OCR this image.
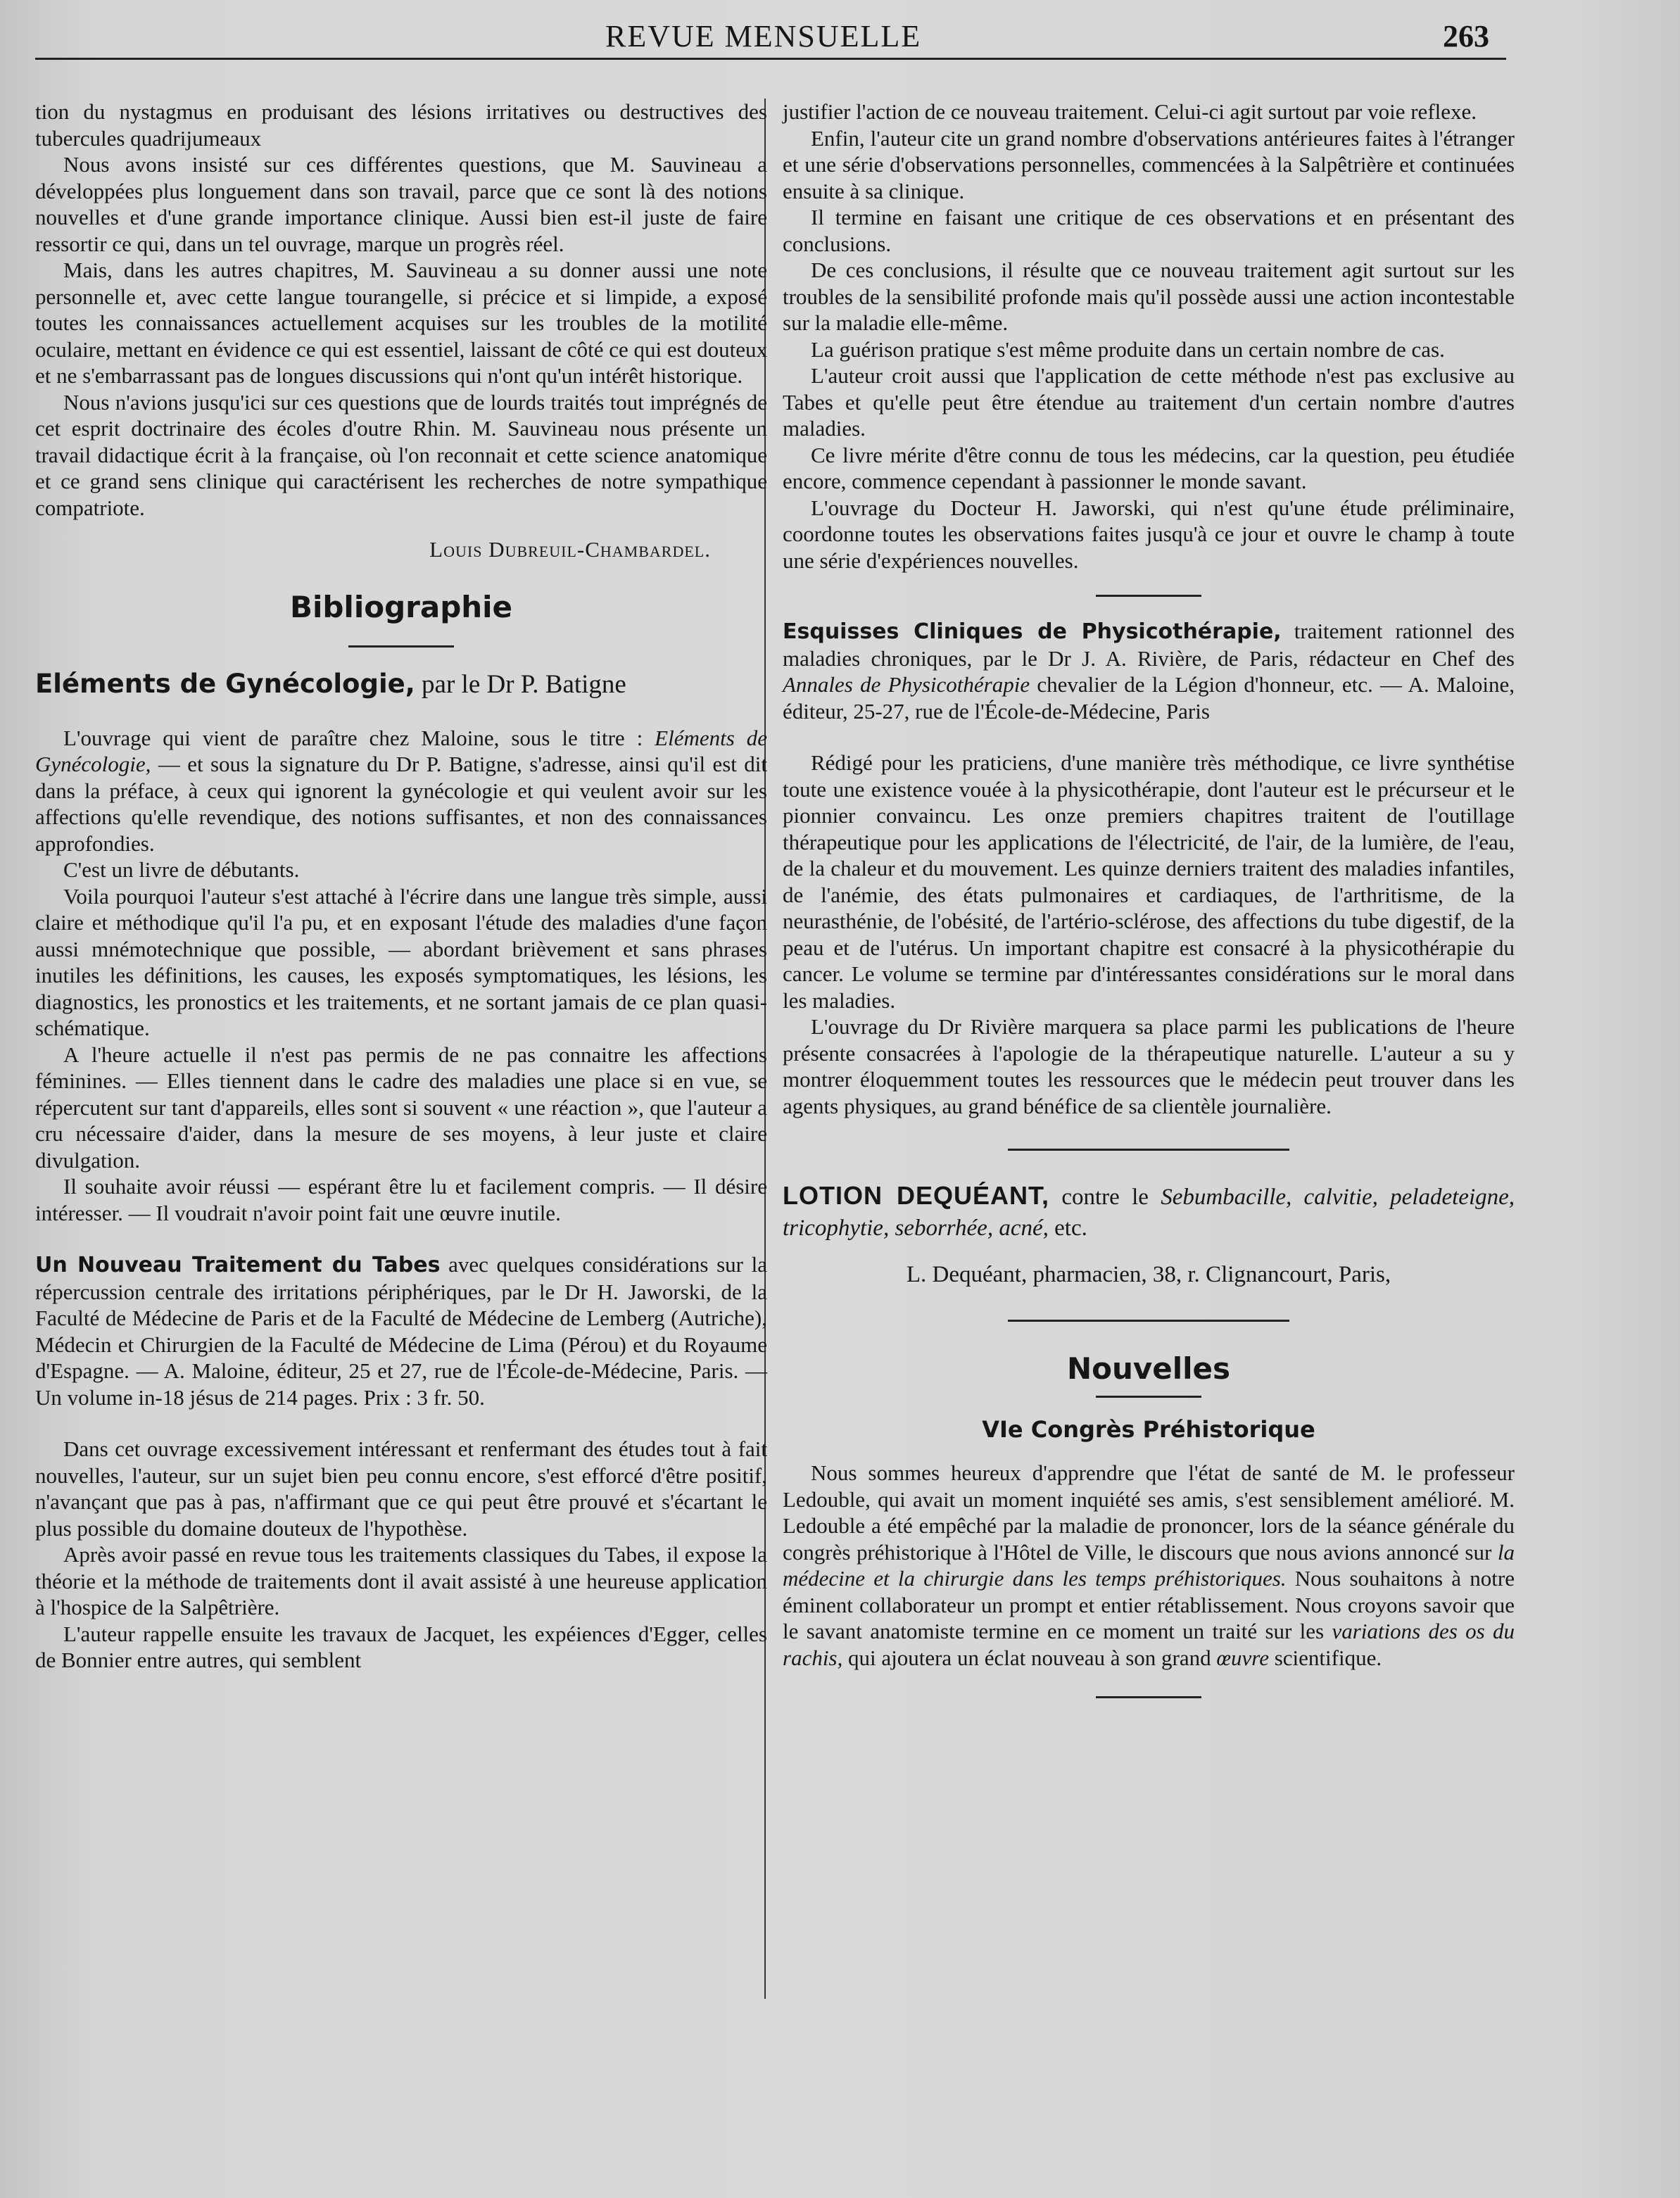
REVUE MENSUELLE	263

tion du nystagmus en produisant des lésions irritatives ou destructives des tubercules quadrijumeaux

Nous avons insisté sur ces différentes questions, que M. Sauvineau a développées plus longuement dans son travail, parce que ce sont là des notions nouvelles et d'une grande importance clinique. Aussi bien est-il juste de faire ressortir ce qui, dans un tel ouvrage, marque un progrès réel.

Mais, dans les autres chapitres, M. Sauvineau a su donner aussi une note personnelle et, avec cette langue tourangelle, si précice et si limpide, a exposé toutes les connaissances actuellement acquises sur les troubles de la motilité oculaire, mettant en évidence ce qui est essentiel, laissant de côté ce qui est douteux et ne s'embarrassant pas de longues discussions qui n'ont qu'un intérêt historique.

Nous n'avions jusqu'ici sur ces questions que de lourds traités tout imprégnés de cet esprit doctrinaire des écoles d'outre Rhin. M. Sauvineau nous présente un travail didactique écrit à la française, où l'on reconnait et cette science anatomique et ce grand sens clinique qui caractérisent les recherches de notre sympathique compatriote.

Louis Dubreuil-Chambardel.

Bibliographie
Eléments de Gynécologie, par le Dr P. Batigne

L'ouvrage qui vient de paraître chez Maloine, sous le titre : Eléments de Gynécologie, — et sous la signature du Dr P. Batigne, s'adresse, ainsi qu'il est dit dans la préface, à ceux qui ignorent la gynécologie et qui veulent avoir sur les affections qu'elle revendique, des notions suffisantes, et non des connaissances approfondies.

C'est un livre de débutants.

Voila pourquoi l'auteur s'est attaché à l'écrire dans une langue très simple, aussi claire et méthodique qu'il l'a pu, et en exposant l'étude des maladies d'une façon aussi mnémotechnique que possible, — abordant brièvement et sans phrases inutiles les définitions, les causes, les exposés symptomatiques, les lésions, les diagnostics, les pronostics et les traitements, et ne sortant jamais de ce plan quasi-schématique.

A l'heure actuelle il n'est pas permis de ne pas connaitre les affections féminines. — Elles tiennent dans le cadre des maladies une place si en vue, se répercutent sur tant d'appareils, elles sont si souvent « une réaction », que l'auteur a cru nécessaire d'aider, dans la mesure de ses moyens, à leur juste et claire divulgation.

Il souhaite avoir réussi — espérant être lu et facilement compris. — Il désire intéresser. — Il voudrait n'avoir point fait une œuvre inutile.

Un Nouveau Traitement du Tabes avec quelques considérations sur la répercussion centrale des irritations périphériques, par le Dr H. Jaworski, de la Faculté de Médecine de Paris et de la Faculté de Médecine de Lemberg (Autriche), Médecin et Chirurgien de la Faculté de Médecine de Lima (Pérou) et du Royaume d'Espagne. — A. Maloine, éditeur, 25 et 27, rue de l'École-de-Médecine, Paris. — Un volume in-18 jésus de 214 pages. Prix : 3 fr. 50.

Dans cet ouvrage excessivement intéressant et renfermant des études tout à fait nouvelles, l'auteur, sur un sujet bien peu connu encore, s'est efforcé d'être positif, n'avançant que pas à pas, n'affirmant que ce qui peut être prouvé et s'écartant le plus possible du domaine douteux de l'hypothèse.

Après avoir passé en revue tous les traitements classiques du Tabes, il expose la théorie et la méthode de traitements dont il avait assisté à une heureuse application à l'hospice de la Salpêtrière.

L'auteur rappelle ensuite les travaux de Jacquet, les expéiences d'Egger, celles de Bonnier entre autres, qui semblent

justifier l'action de ce nouveau traitement. Celui-ci agit surtout par voie reflexe.

Enfin, l'auteur cite un grand nombre d'observations antérieures faites à l'étranger et une série d'observations personnelles, commencées à la Salpêtrière et continuées ensuite à sa clinique.

Il termine en faisant une critique de ces observations et en présentant des conclusions.

De ces conclusions, il résulte que ce nouveau traitement agit surtout sur les troubles de la sensibilité profonde mais qu'il possède aussi une action incontestable sur la maladie elle-même.

La guérison pratique s'est même produite dans un certain nombre de cas.

L'auteur croit aussi que l'application de cette méthode n'est pas exclusive au Tabes et qu'elle peut être étendue au traitement d'un certain nombre d'autres maladies.

Ce livre mérite d'être connu de tous les médecins, car la question, peu étudiée encore, commence cependant à passionner le monde savant.

L'ouvrage du Docteur H. Jaworski, qui n'est qu'une étude préliminaire, coordonne toutes les observations faites jusqu'à ce jour et ouvre le champ à toute une série d'expériences nouvelles.

Esquisses Cliniques de Physicothérapie, traitement rationnel des maladies chroniques, par le Dr J. A. Rivière, de Paris, rédacteur en Chef des Annales de Physicothérapie chevalier de la Légion d'honneur, etc. — A. Maloine, éditeur, 25-27, rue de l'École-de-Médecine, Paris

Rédigé pour les praticiens, d'une manière très méthodique, ce livre synthétise toute une existence vouée à la physicothérapie, dont l'auteur est le précurseur et le pionnier convaincu. Les onze premiers chapitres traitent de l'outillage thérapeutique pour les applications de l'électricité, de l'air, de la lumière, de l'eau, de la chaleur et du mouvement. Les quinze derniers traitent des maladies infantiles, de l'anémie, des états pulmonaires et cardiaques, de l'arthritisme, de la neurasthénie, de l'obésité, de l'artério-sclérose, des affections du tube digestif, de la peau et de l'utérus. Un important chapitre est consacré à la physicothérapie du cancer. Le volume se termine par d'intéressantes considérations sur le moral dans les maladies.

L'ouvrage du Dr Rivière marquera sa place parmi les publications de l'heure présente consacrées à l'apologie de la thérapeutique naturelle. L'auteur a su y montrer éloquemment toutes les ressources que le médecin peut trouver dans les agents physiques, au grand bénéfice de sa clientèle journalière.

LOTION DEQUÉANT, contre le Sebumbacille, calvitie, peladeteigne, tricophytie, seborrhée, acné, etc.

L. Dequéant, pharmacien, 38, r. Clignancourt, Paris,

Nouvelles
VIe Congrès Préhistorique

Nous sommes heureux d'apprendre que l'état de santé de M. le professeur Ledouble, qui avait un moment inquiété ses amis, s'est sensiblement amélioré. M. Ledouble a été empêché par la maladie de prononcer, lors de la séance générale du congrès préhistorique à l'Hôtel de Ville, le discours que nous avions annoncé sur la médecine et la chirurgie dans les temps préhistoriques. Nous souhaitons à notre éminent collaborateur un prompt et entier rétablissement. Nous croyons savoir que le savant anatomiste termine en ce moment un traité sur les variations des os du rachis, qui ajoutera un éclat nouveau à son grand œuvre scientifique.
